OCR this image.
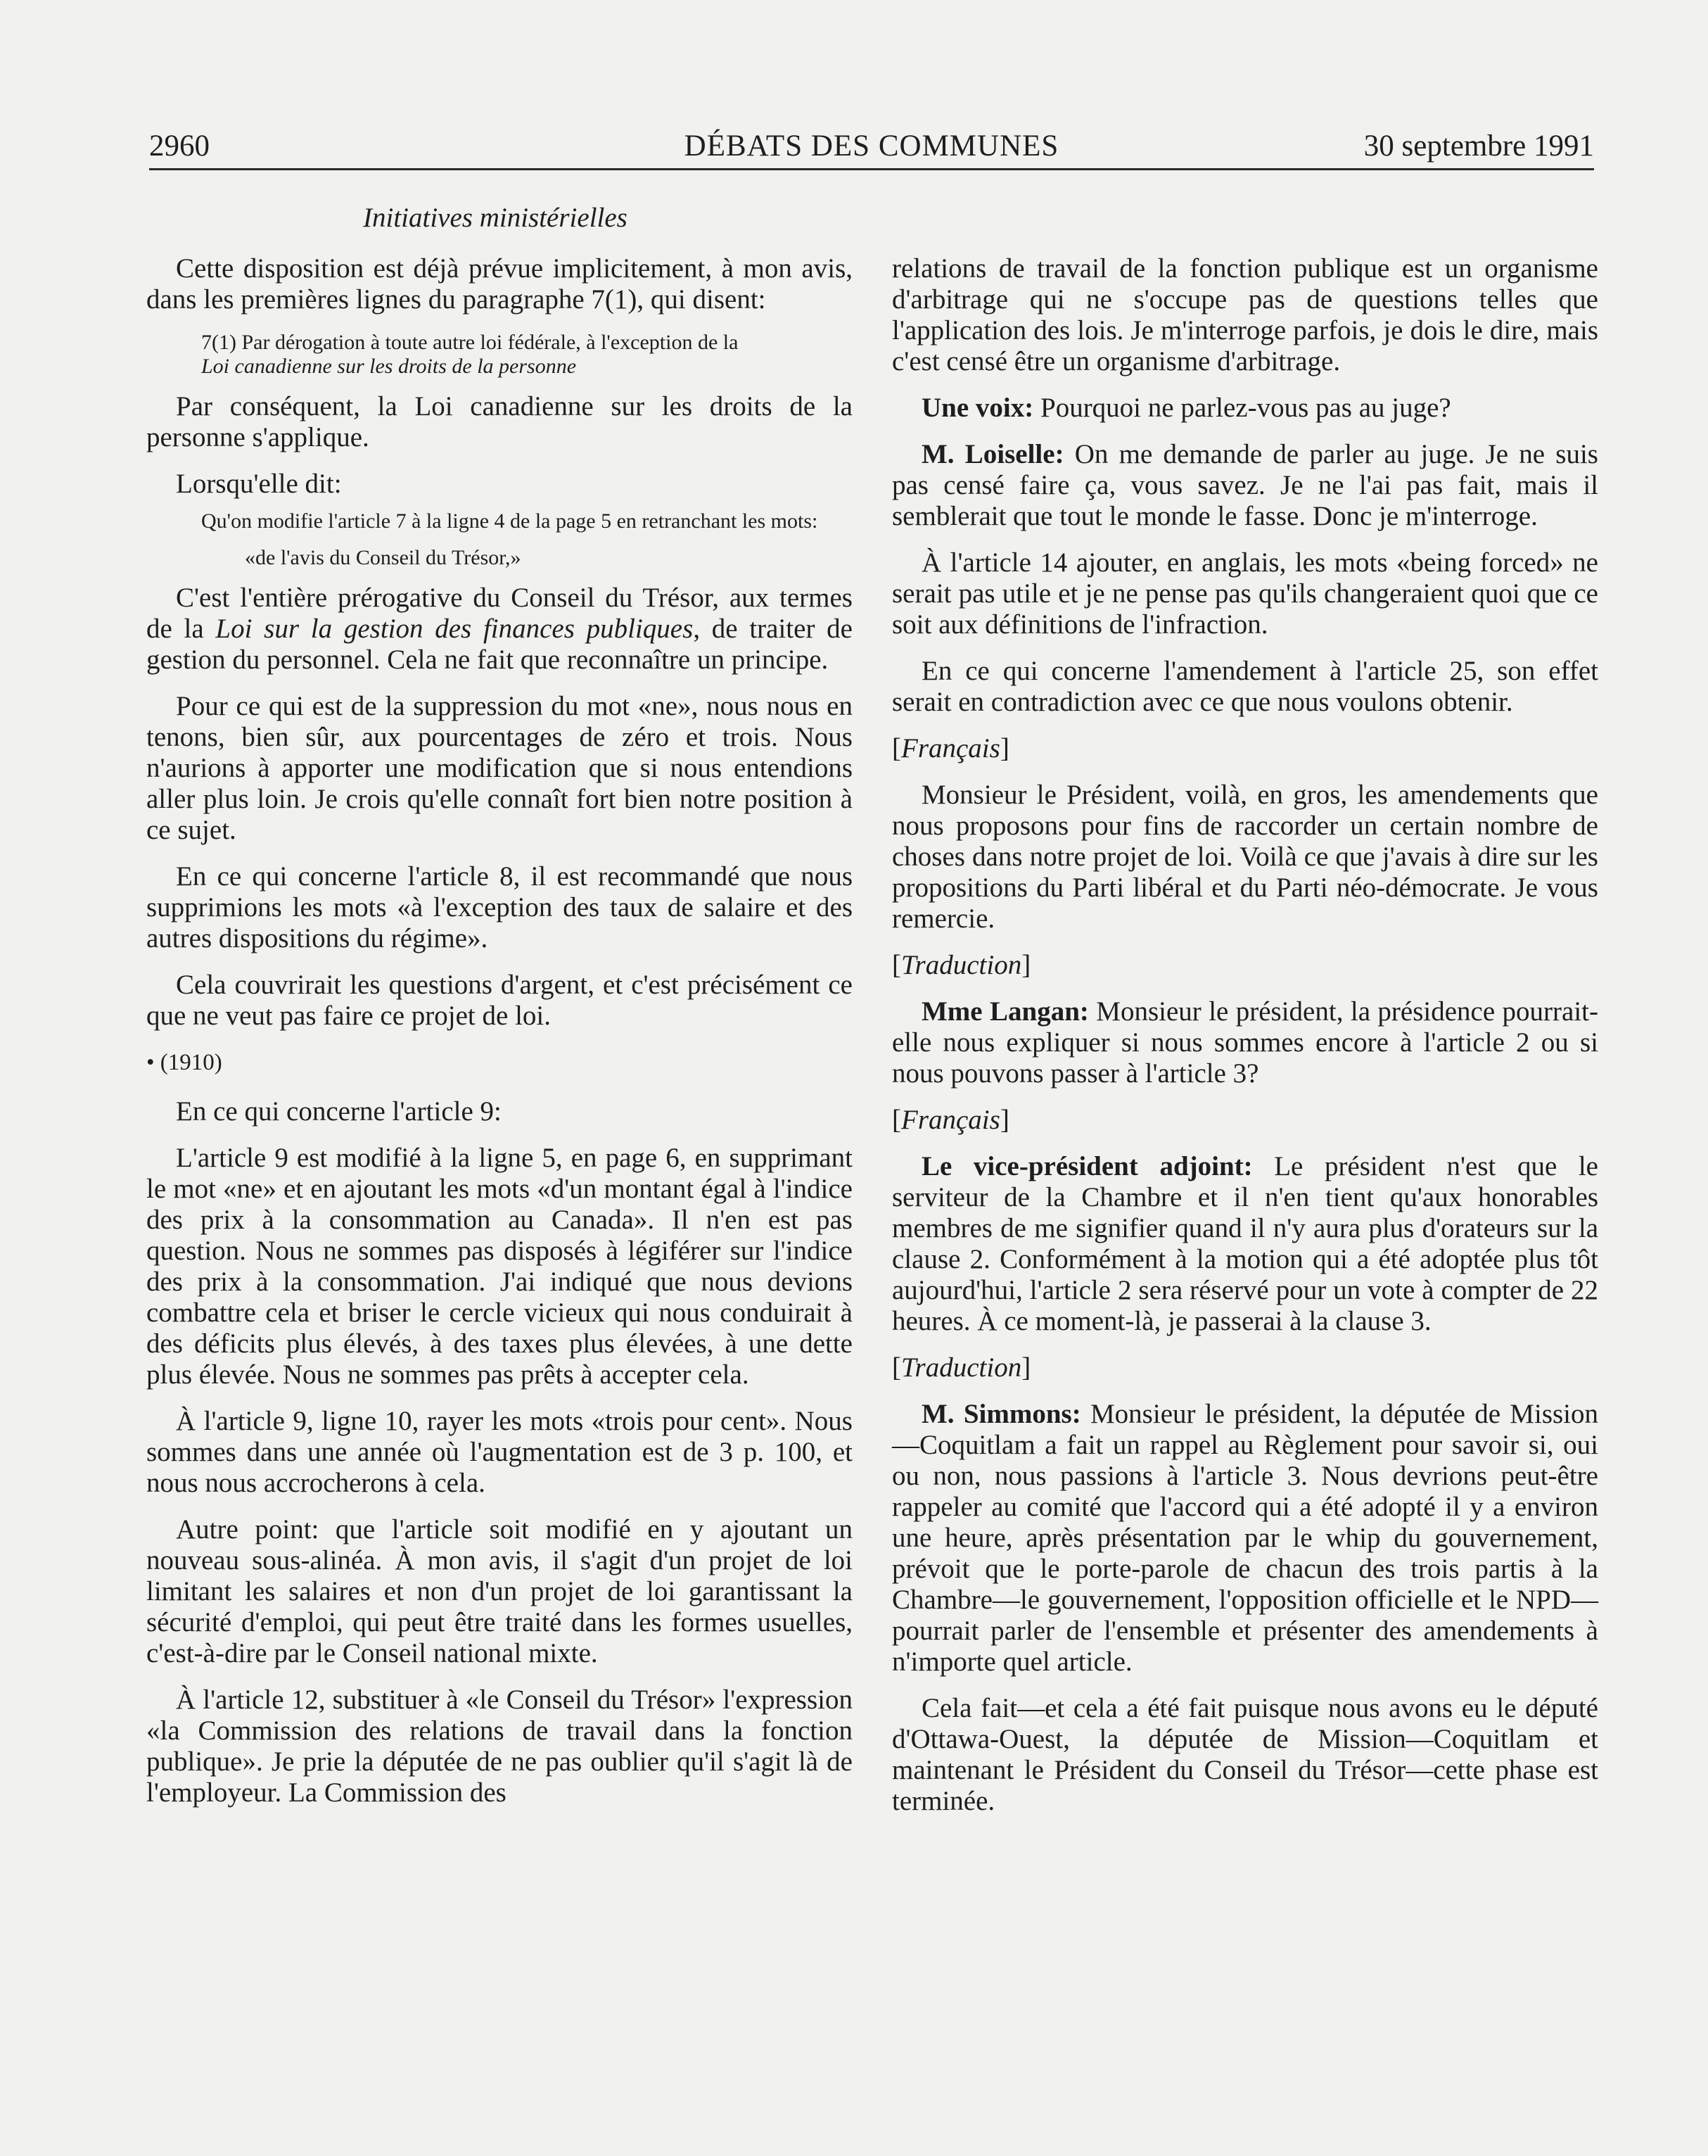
2960	DÉBATS DES COMMUNES	30 septembre 1991
Initiatives ministérielles

Cette disposition est déjà prévue implicitement, à mon avis, dans les premières lignes du paragraphe 7(1), qui disent:

7(1) Par dérogation à toute autre loi fédérale, à l'exception de la
Loi canadienne sur les droits de la personne

Par conséquent, la Loi canadienne sur les droits de la personne s'applique.

Lorsqu'elle dit:

Qu'on modifie l'article 7 à la ligne 4 de la page 5 en retranchant les mots:

«de l'avis du Conseil du Trésor,»

C'est l'entière prérogative du Conseil du Trésor, aux termes de la Loi sur la gestion des finances publiques, de traiter de gestion du personnel. Cela ne fait que reconnaître un principe.

Pour ce qui est de la suppression du mot «ne», nous nous en tenons, bien sûr, aux pourcentages de zéro et trois. Nous n'aurions à apporter une modification que si nous entendions aller plus loin. Je crois qu'elle connaît fort bien notre position à ce sujet.

En ce qui concerne l'article 8, il est recommandé que nous supprimions les mots «à l'exception des taux de salaire et des autres dispositions du régime».

Cela couvrirait les questions d'argent, et c'est précisément ce que ne veut pas faire ce projet de loi.

• (1910)

En ce qui concerne l'article 9:

L'article 9 est modifié à la ligne 5, en page 6, en supprimant le mot «ne» et en ajoutant les mots «d'un montant égal à l'indice des prix à la consommation au Canada». Il n'en est pas question. Nous ne sommes pas disposés à légiférer sur l'indice des prix à la consommation. J'ai indiqué que nous devions combattre cela et briser le cercle vicieux qui nous conduirait à des déficits plus élevés, à des taxes plus élevées, à une dette plus élevée. Nous ne sommes pas prêts à accepter cela.

À l'article 9, ligne 10, rayer les mots «trois pour cent». Nous sommes dans une année où l'augmentation est de 3 p. 100, et nous nous accrocherons à cela.

Autre point: que l'article soit modifié en y ajoutant un nouveau sous-alinéa. À mon avis, il s'agit d'un projet de loi limitant les salaires et non d'un projet de loi garantissant la sécurité d'emploi, qui peut être traité dans les formes usuelles, c'est-à-dire par le Conseil national mixte.

À l'article 12, substituer à «le Conseil du Trésor» l'expression «la Commission des relations de travail dans la fonction publique». Je prie la députée de ne pas oublier qu'il s'agit là de l'employeur. La Commission des

relations de travail de la fonction publique est un organisme d'arbitrage qui ne s'occupe pas de questions telles que l'application des lois. Je m'interroge parfois, je dois le dire, mais c'est censé être un organisme d'arbitrage.

Une voix: Pourquoi ne parlez-vous pas au juge?

M. Loiselle: On me demande de parler au juge. Je ne suis pas censé faire ça, vous savez. Je ne l'ai pas fait, mais il semblerait que tout le monde le fasse. Donc je m'interroge.

À l'article 14 ajouter, en anglais, les mots «being forced» ne serait pas utile et je ne pense pas qu'ils changeraient quoi que ce soit aux définitions de l'infraction.

En ce qui concerne l'amendement à l'article 25, son effet serait en contradiction avec ce que nous voulons obtenir.

[Français]

Monsieur le Président, voilà, en gros, les amendements que nous proposons pour fins de raccorder un certain nombre de choses dans notre projet de loi. Voilà ce que j'avais à dire sur les propositions du Parti libéral et du Parti néo-démocrate. Je vous remercie.

[Traduction]

Mme Langan: Monsieur le président, la présidence pourrait-elle nous expliquer si nous sommes encore à l'article 2 ou si nous pouvons passer à l'article 3?

[Français]

Le vice-président adjoint: Le président n'est que le serviteur de la Chambre et il n'en tient qu'aux honorables membres de me signifier quand il n'y aura plus d'orateurs sur la clause 2. Conformément à la motion qui a été adoptée plus tôt aujourd'hui, l'article 2 sera réservé pour un vote à compter de 22 heures. À ce moment-là, je passerai à la clause 3.

[Traduction]

M. Simmons: Monsieur le président, la députée de Mission—Coquitlam a fait un rappel au Règlement pour savoir si, oui ou non, nous passions à l'article 3. Nous devrions peut-être rappeler au comité que l'accord qui a été adopté il y a environ une heure, après présentation par le whip du gouvernement, prévoit que le porte-parole de chacun des trois partis à la Chambre—le gouvernement, l'opposition officielle et le NPD—pourrait parler de l'ensemble et présenter des amendements à n'importe quel article.

Cela fait—et cela a été fait puisque nous avons eu le député d'Ottawa-Ouest, la députée de Mission—Coquitlam et maintenant le Président du Conseil du Trésor—cette phase est terminée.
